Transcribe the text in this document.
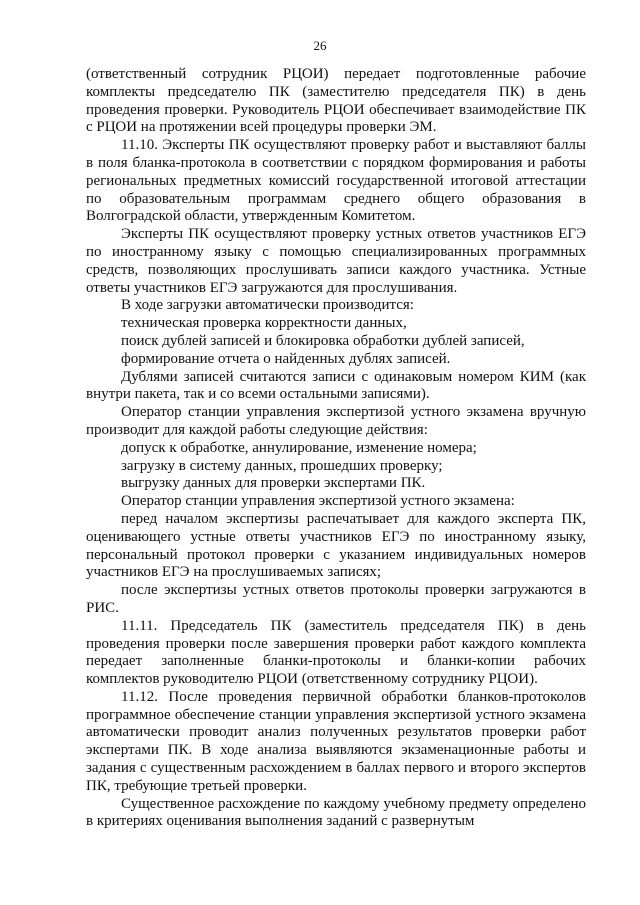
26

(ответственный сотрудник РЦОИ) передает подготовленные рабочие комплекты председателю ПК (заместителю председателя ПК) в день проведения проверки. Руководитель РЦОИ обеспечивает взаимодействие ПК с РЦОИ на протяжении всей процедуры проверки ЭМ.

11.10. Эксперты ПК осуществляют проверку работ и выставляют баллы в поля бланка-протокола в соответствии с порядком формирования и работы региональных предметных комиссий государственной итоговой аттестации по образовательным программам среднего общего образования в Волгоградской области, утвержденным Комитетом.

Эксперты ПК осуществляют проверку устных ответов участников ЕГЭ по иностранному языку с помощью специализированных программных средств, позволяющих прослушивать записи каждого участника. Устные ответы участников ЕГЭ загружаются для прослушивания.

В ходе загрузки автоматически производится:

техническая проверка корректности данных,

поиск дублей записей и блокировка обработки дублей записей,

формирование отчета о найденных дублях записей.

Дублями записей считаются записи с одинаковым номером КИМ (как внутри пакета, так и со всеми остальными записями).

Оператор станции управления экспертизой устного экзамена вручную производит для каждой работы следующие действия:

допуск к обработке, аннулирование, изменение номера;

загрузку в систему данных, прошедших проверку;

выгрузку данных для проверки экспертами ПК.

Оператор станции управления экспертизой устного экзамена:

перед началом экспертизы распечатывает для каждого эксперта ПК, оценивающего устные ответы участников ЕГЭ по иностранному языку, персональный протокол проверки с указанием индивидуальных номеров участников ЕГЭ на прослушиваемых записях;

после экспертизы устных ответов протоколы проверки загружаются в РИС.

11.11. Председатель ПК (заместитель председателя ПК) в день проведения проверки после завершения проверки работ каждого комплекта передает заполненные бланки-протоколы и бланки-копии рабочих комплектов руководителю РЦОИ (ответственному сотруднику РЦОИ).

11.12. После проведения первичной обработки бланков-протоколов программное обеспечение станции управления экспертизой устного экзамена автоматически проводит анализ полученных результатов проверки работ экспертами ПК. В ходе анализа выявляются экзаменационные работы и задания с существенным расхождением в баллах первого и второго экспертов ПК, требующие третьей проверки.

Существенное расхождение по каждому учебному предмету определено в критериях оценивания выполнения заданий с развернутым
